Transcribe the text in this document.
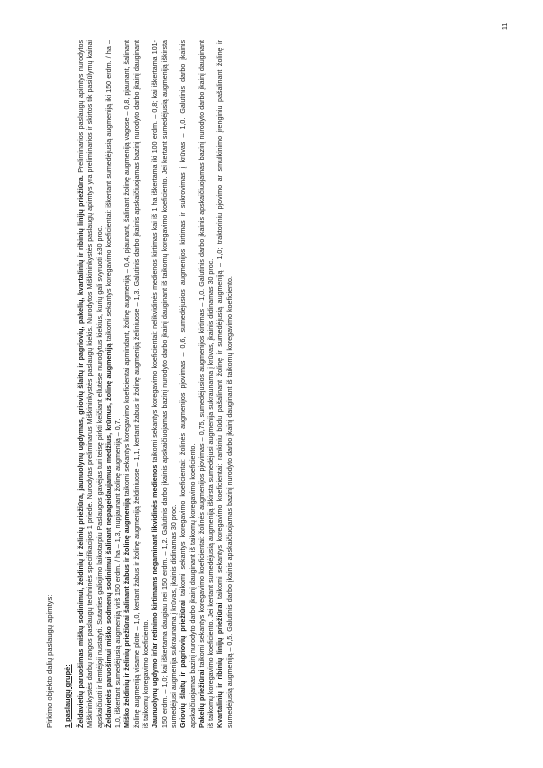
11

Pirkimo objekto dalių paslaugų apimtys: 1 paslaugų grupė: Želdavietių paruošimas miškų sodinimui, želdinių ir želinių priežiūra, jaunuolynų ugdymas, griovių šlaitų ir pagriovių, pakelių, kvartalinių ir ribinių linijų priežiūra. Preliminarios paslaugų apimtys nurodytos Miškininkystės darbų rangos paslaugų techninės specifikacijos 1 priede. Nurodytas preliminarus Miškininkystės paslaugų kiekis. Nurodytos Miškininkystės paslaugų apimtys yra preliminarios ir skirtos tik pasiūlymų kainai apskaičiuoti ir lemtėjoji nustatyti. Sutarties galiojimo laikotarpiu Paslaugos gavėjas turi teisę pirkti keičiant ellutėse nurodytus kiekius, kurių gali svyruoti ±30 proc. Želdavietės paruošimui miško sodmenų sodinimui šalinant nepageidaujamus medžius, krūmus, žolinę augmeniją taikomi sekantys koregavimo koeficientai: iškertant sumedėjusią augmeniją iki 150 erdm. / ha – 1,0, iškertant sumedėjusią augmeniją virš 150 erdm. / ha – 1,3, nupjaunant žolinę augmeniją – 0,7. Miško želdinių ir želinių priežiūrai šalinant žabus ir žolinę augmeniją taikomi sekantys koregavimo koeficientai apmindant, žolinę augmeniją – 0,4, pjaunant, šalinant žolinę augmeniją vagose – 0,8, pjaunant, šalinant žolinę augmeniją visame plote – 1,0, kertant žabus ir žolinę augmeniją želdiniuose – 1,1, kertant žabus ir žolinę augmeniją želiniuose – 1,3. Galutinis darbo įkainis apskaičiuojamas bazinį nurodyto darbo įkainį dauginant iš taikomų koregavimo koeficiento. Jaunuolynų ugdymo ir/ar retinimo kirtimams negaminant likvidinės medienos taikomi sekantys koregavimo koeficientai: nelikvidinės medienos kirtimas kai iš 1 ha iškertama iki 100 erdm. – 0,8; kai iškertama 101-150 erdm. – 1,0; kai iškertama daugiau nei 150 erdm. – 1,2. Galutinis darbo įkainis apskaičiuojamas bazinį nurodyto darbo įkainį dauginant iš taikomų koregavimo koeficiento. Jei kertant sumedėjusią augmeniją iškirsta sumedėjusi augmenija sukraunama į krūvas, įkainis didinamas 30 proc. Griovių šlaitų ir pagriovių priežiūrai taikomi sekantys koregavimo koeficientai: žolinės augmenijos pjovimas – 0,6, sumedėjusios augmenijos kirtimas ir sukrovimas į krūvas – 1,0. Galutinis darbo įkainis apskaičiuojamas bazinį nurodyto darbo įkainį dauginant iš taikomų koregavimo koeficiento. Pakelių priežiūrai taikomi sekantys koregavimo koeficientai: žolinės augmenijos pjovimas – 0,75, sumedėjusios augmenijos kirtimas – 1,0. Galutinis darbo įkainis apskaičiuojamas bazinį nurodyto darbo įkainį dauginant iš taikomų koregavimo koeficiento. Jei kertant sumedėjusią augmeniją iškirsta sumedėjusi augmenija sukraunama į krūvas, įkainis didinamas 30 proc. Kvartalinių ir ribinių linijų priežiūrai taikomi sekantys koregavimo koeficientai: rankiniu būdu pašalinant žolinę ir sumedėjusią augmeniją – 1,0; traktoriniu pjovimo ar smulkinimo įrenginiu pašalinant žolinę ir sumedėjusią augmeniją – 0,5. Galutinis darbo įkainis apskaičiuojamas bazinį nurodyto darbo įkainį dauginant iš taikomų koregavimo koeficiento.
